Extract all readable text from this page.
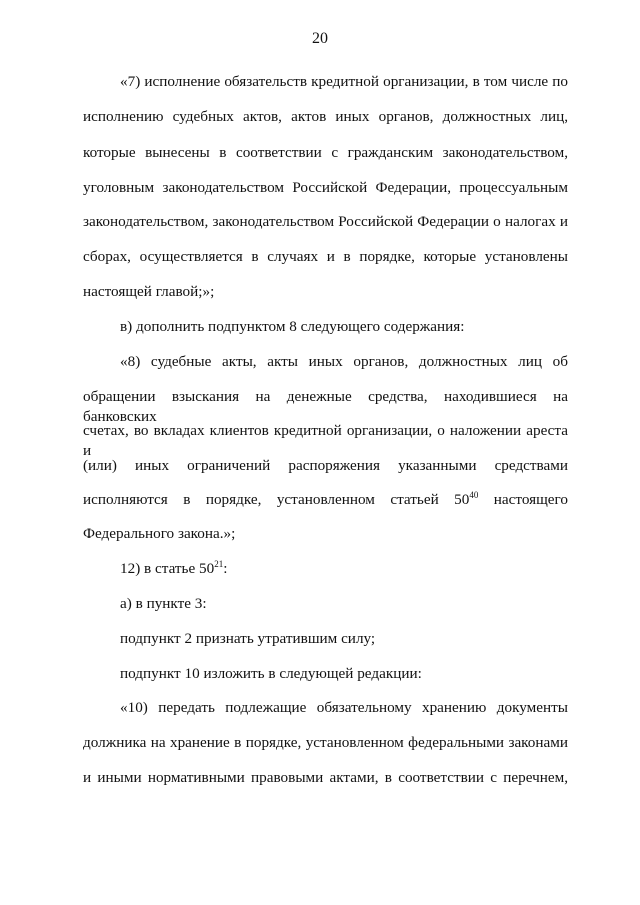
20
«7) исполнение обязательств кредитной организации, в том числе по
исполнению судебных актов, актов иных органов, должностных лиц,
которые вынесены в соответствии с гражданским законодательством,
уголовным законодательством Российской Федерации, процессуальным
законодательством, законодательством Российской Федерации о налогах и
сборах, осуществляется в случаях и в порядке, которые установлены
настоящей главой;»;
в) дополнить подпунктом 8 следующего содержания:
«8) судебные акты, акты иных органов, должностных лиц об
обращении взыскания на денежные средства, находившиеся на банковских
счетах, во вкладах клиентов кредитной организации, о наложении ареста и
(или) иных ограничений распоряжения указанными средствами
исполняются в порядке, установленном статьей $50^{40}$ настоящего
Федерального закона.»;
12) в статье $50^{21}$:
а) в пункте 3:
подпункт 2 признать утратившим силу;
подпункт 10 изложить в следующей редакции:
«10) передать подлежащие обязательному хранению документы
должника на хранение в порядке, установленном федеральными законами
и иными нормативными правовыми актами, в соответствии с перечнем,
